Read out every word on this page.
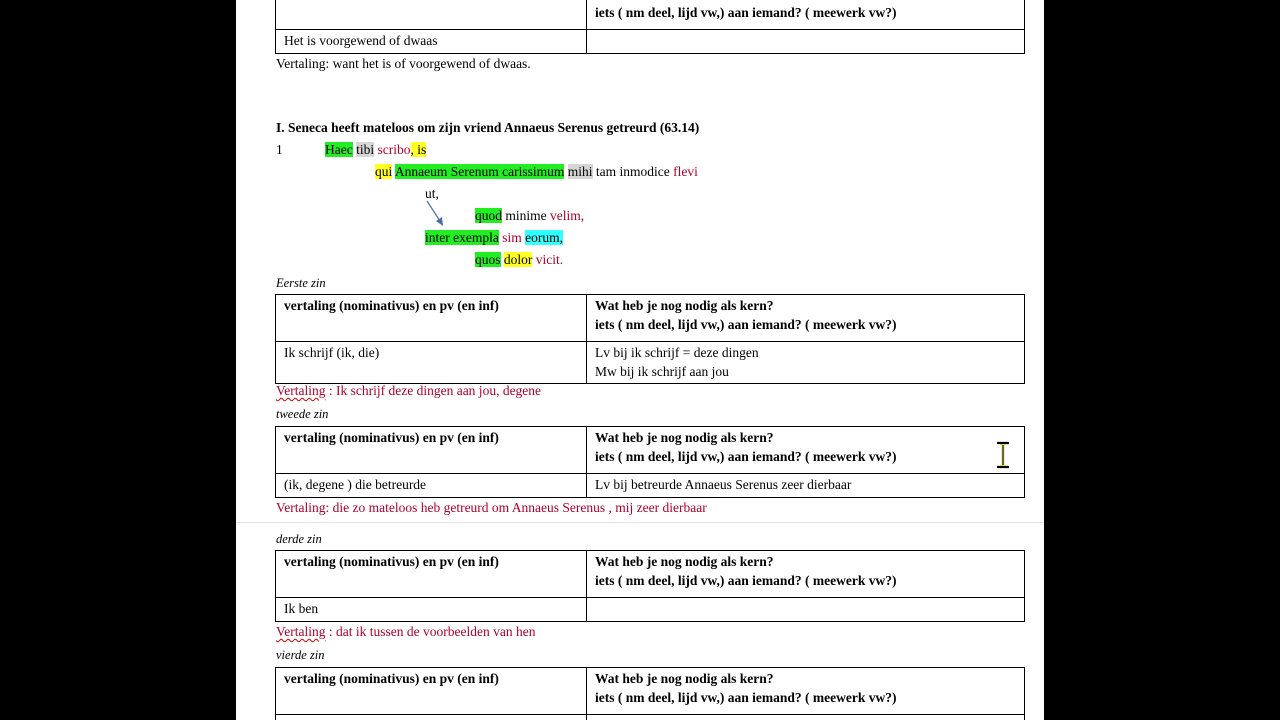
	iets ( nm deel, lijd vw,) aan iemand? ( meewerk vw?)
Het is voorgewend of dwaas	
Vertaling: want het is of voorgewend of dwaas.
I. Seneca heeft mateloos om zijn vriend Annaeus Serenus getreurd (63.14)
1	Haec tibi scribo, is
qui Annaeum Serenum carissimum mihi tam inmodice flevi
ut,
quod minime velim,
inter exempla sim eorum,
quos dolor vicit.
Eerste zin
vertaling (nominativus) en pv (en inf)	Wat heb je nog nodig als kern?
iets ( nm deel, lijd vw,) aan iemand? ( meewerk vw?)

Ik schrijf (ik, die)	Lv bij ik schrijf = deze dingen
Mw bij ik schrijf aan jou
Vertaling : Ik schrijf deze dingen aan jou, degene
tweede zin
vertaling (nominativus) en pv (en inf)	Wat heb je nog nodig als kern?
iets ( nm deel, lijd vw,) aan iemand? ( meewerk vw?)

(ik, degene ) die betreurde	Lv bij betreurde Annaeus Serenus zeer dierbaar
Vertaling: die zo mateloos heb getreurd om Annaeus Serenus , mij zeer dierbaar
derde zin
vertaling (nominativus) en pv (en inf)	Wat heb je nog nodig als kern?
iets ( nm deel, lijd vw,) aan iemand? ( meewerk vw?)

Ik ben	
Vertaling : dat ik tussen de voorbeelden van hen
vierde zin
vertaling (nominativus) en pv (en inf)	Wat heb je nog nodig als kern?
iets ( nm deel, lijd vw,) aan iemand? ( meewerk vw?)
